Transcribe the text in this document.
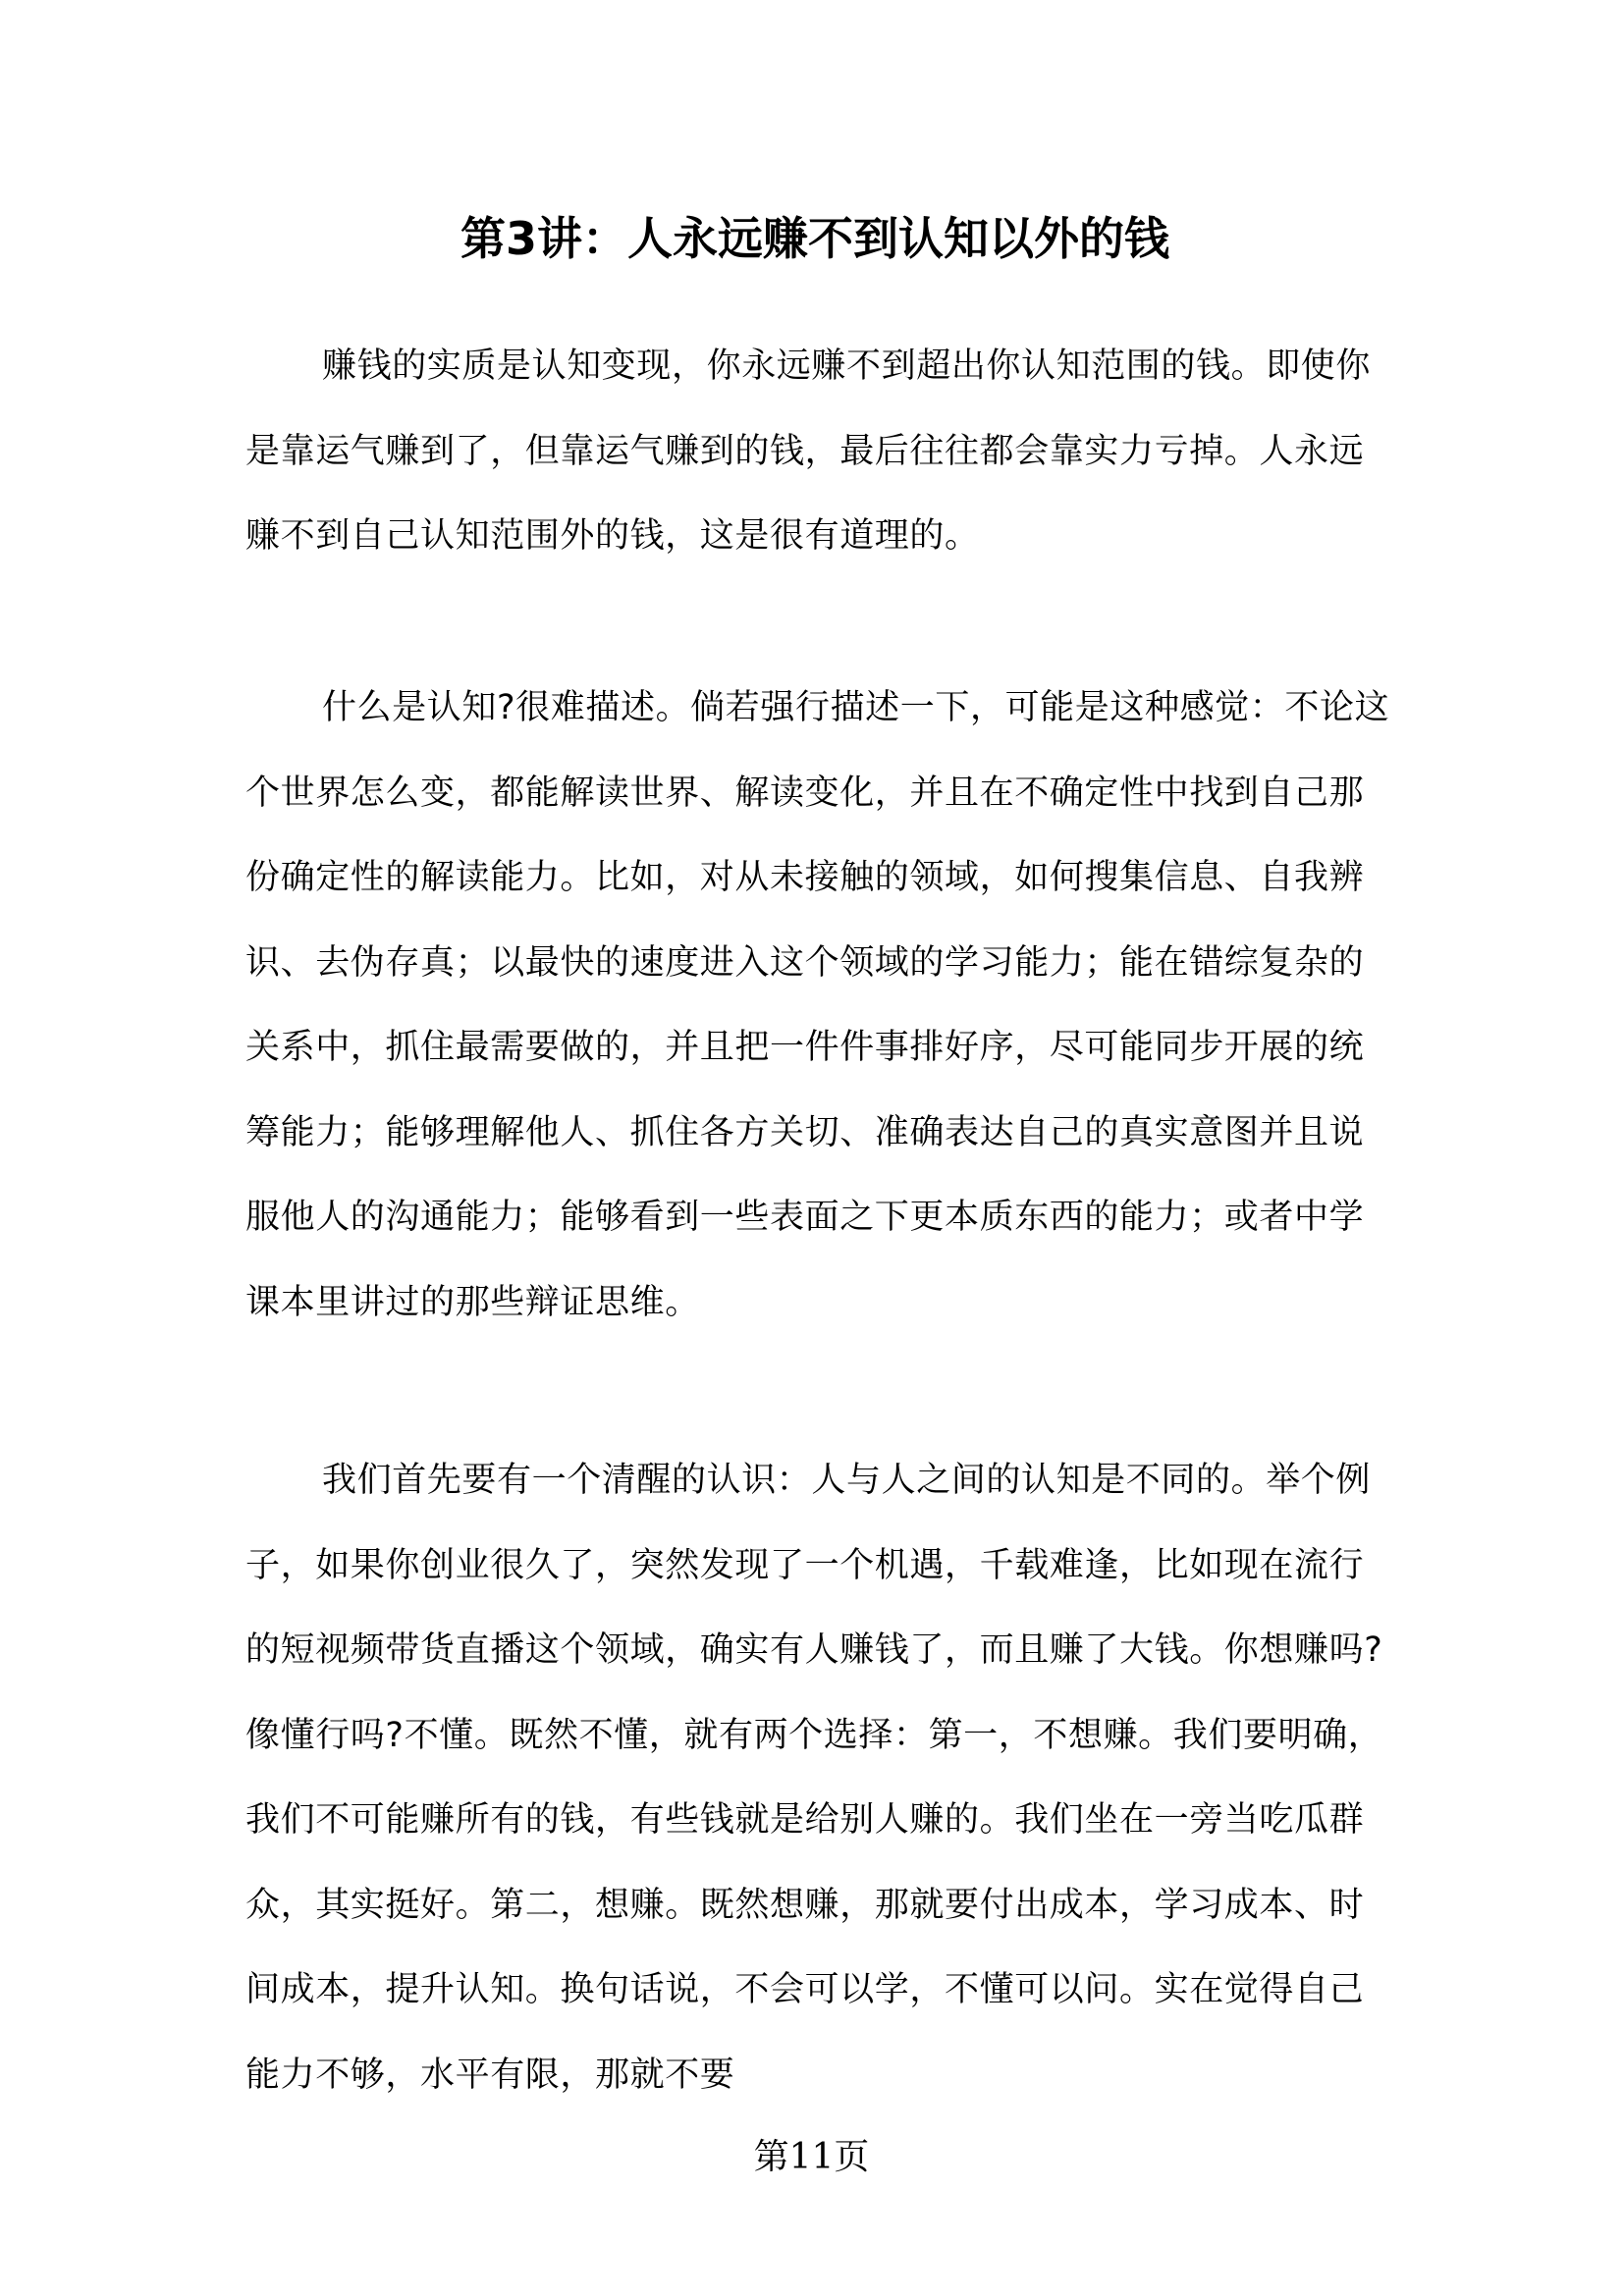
第3讲：人永远赚不到认知以外的钱

赚钱的实质是认知变现，你永远赚不到超出你认知范围的钱。即使你是靠运气赚到了，但靠运气赚到的钱，最后往往都会靠实力亏掉。人永远赚不到自己认知范围外的钱，这是很有道理的。

什么是认知?很难描述。倘若强行描述一下，可能是这种感觉：不论这个世界怎么变，都能解读世界、解读变化，并且在不确定性中找到自己那份确定性的解读能力。比如，对从未接触的领域，如何搜集信息、自我辨识、去伪存真；以最快的速度进入这个领域的学习能力；能在错综复杂的关系中，抓住最需要做的，并且把一件件事排好序，尽可能同步开展的统筹能力；能够理解他人、抓住各方关切、准确表达自己的真实意图并且说服他人的沟通能力；能够看到一些表面之下更本质东西的能力；或者中学课本里讲过的那些辩证思维。

我们首先要有一个清醒的认识：人与人之间的认知是不同的。举个例子，如果你创业很久了，突然发现了一个机遇，千载难逢，比如现在流行的短视频带货直播这个领域，确实有人赚钱了，而且赚了大钱。你想赚吗?像懂行吗?不懂。既然不懂，就有两个选择：第一，不想赚。我们要明确，我们不可能赚所有的钱，有些钱就是给别人赚的。我们坐在一旁当吃瓜群众，其实挺好。第二，想赚。既然想赚，那就要付出成本，学习成本、时间成本，提升认知。换句话说，不会可以学，不懂可以问。实在觉得自己能力不够，水平有限，那就不要

第11页
